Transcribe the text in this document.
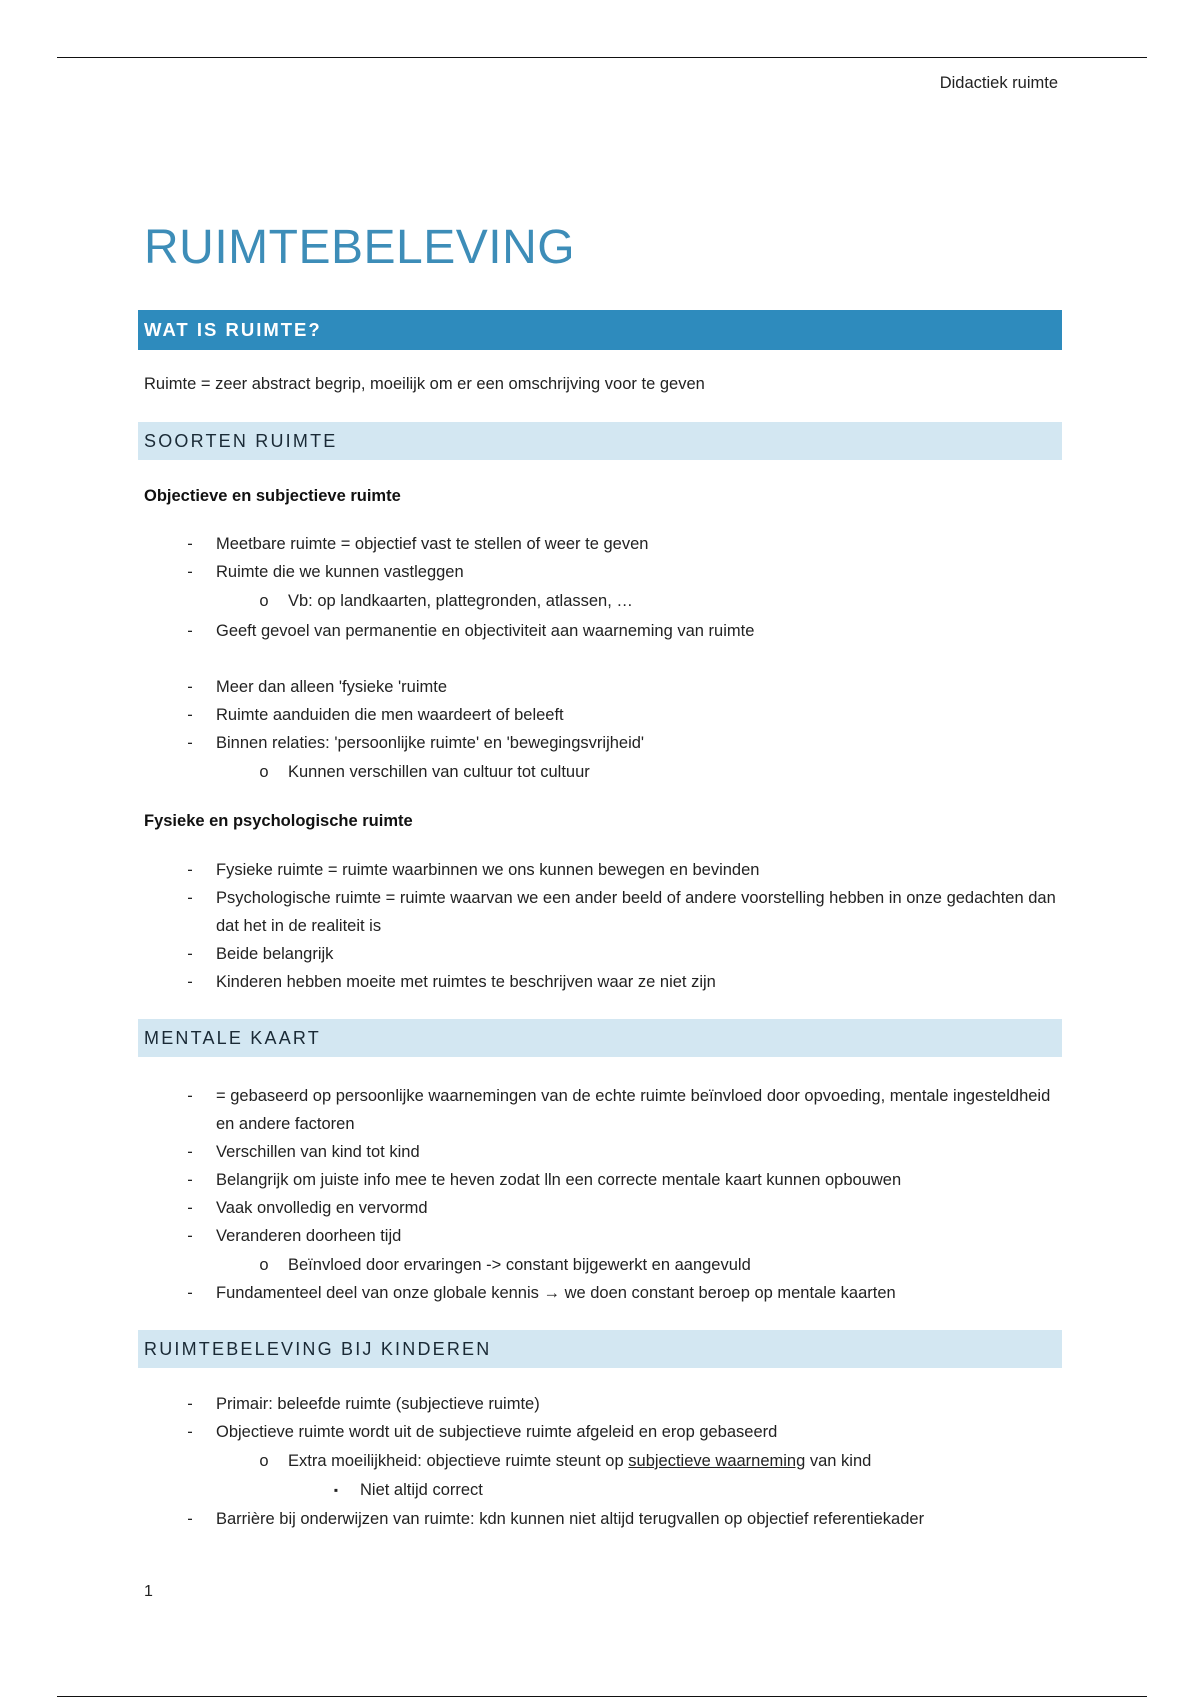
Didactiek ruimte
RUIMTEBELEVING
WAT IS RUIMTE?
Ruimte = zeer abstract begrip, moeilijk om er een omschrijving voor te geven
SOORTEN RUIMTE
Objectieve en subjectieve ruimte
-	Meetbare ruimte = objectief vast te stellen of weer te geven
-	Ruimte die we kunnen vastleggen
o	Vb: op landkaarten, plattegronden, atlassen, …
-	Geeft gevoel van permanentie en objectiviteit aan waarneming van ruimte
-	Meer dan alleen 'fysieke 'ruimte
-	Ruimte aanduiden die men waardeert of beleeft
-	Binnen relaties: 'persoonlijke ruimte' en 'bewegingsvrijheid'
o	Kunnen verschillen van cultuur tot cultuur
Fysieke en psychologische ruimte
-	Fysieke ruimte = ruimte waarbinnen we ons kunnen bewegen en bevinden
-	Psychologische ruimte = ruimte waarvan we een ander beeld of andere voorstelling hebben in onze gedachten dan dat het in de realiteit is
-	Beide belangrijk
-	Kinderen hebben moeite met ruimtes te beschrijven waar ze niet zijn
MENTALE KAART
-	= gebaseerd op persoonlijke waarnemingen van de echte ruimte beïnvloed door opvoeding, mentale ingesteldheid en andere factoren
-	Verschillen van kind tot kind
-	Belangrijk om juiste info mee te heven zodat lln een correcte mentale kaart kunnen opbouwen
-	Vaak onvolledig en vervormd
-	Veranderen doorheen tijd
o	Beïnvloed door ervaringen -> constant bijgewerkt en aangevuld
-	Fundamenteel deel van onze globale kennis → we doen constant beroep op mentale kaarten
RUIMTEBELEVING BIJ KINDEREN
-	Primair: beleefde ruimte (subjectieve ruimte)
-	Objectieve ruimte wordt uit de subjectieve ruimte afgeleid en erop gebaseerd
o	Extra moeilijkheid: objectieve ruimte steunt op subjectieve waarneming van kind
▪	Niet altijd correct
-	Barrière bij onderwijzen van ruimte: kdn kunnen niet altijd terugvallen op objectief referentiekader
1
